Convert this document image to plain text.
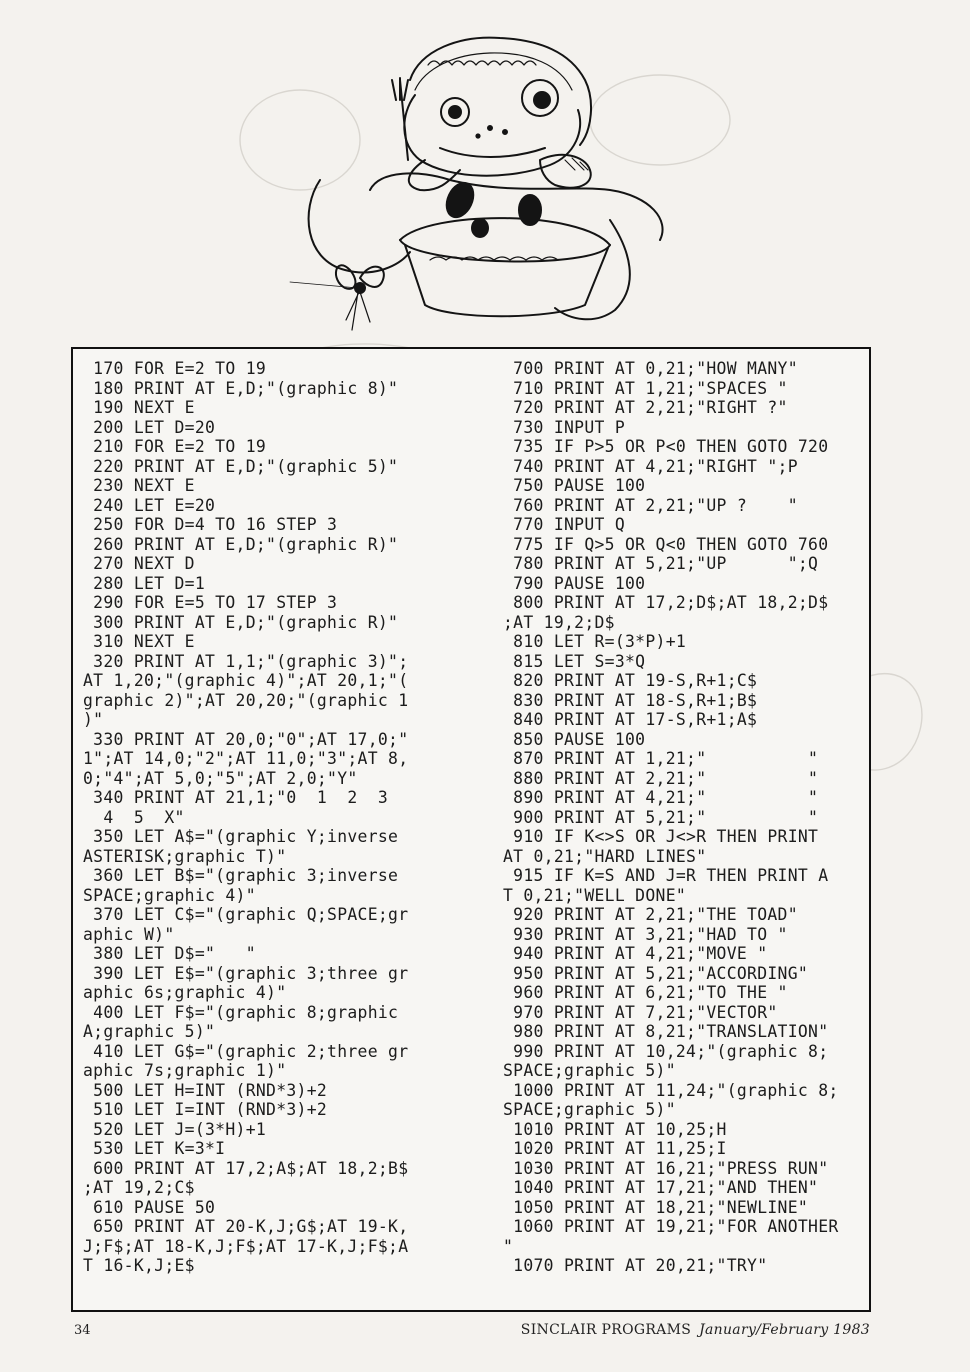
170 FOR E=2 TO 19
180 PRINT AT E,D;"(graphic 8)"
190 NEXT E
200 LET D=20
210 FOR E=2 TO 19
220 PRINT AT E,D;"(graphic 5)"
230 NEXT E
240 LET E=20
250 FOR D=4 TO 16 STEP 3
260 PRINT AT E,D;"(graphic R)"
270 NEXT D
280 LET D=1
290 FOR E=5 TO 17 STEP 3
300 PRINT AT E,D;"(graphic R)"
310 NEXT E
320 PRINT AT 1,1;"(graphic 3)";
AT 1,20;"(graphic 4)";AT 20,1;"(
graphic 2)";AT 20,20;"(graphic 1
)"
330 PRINT AT 20,0;"0";AT 17,0;"
1";AT 14,0;"2";AT 11,0;"3";AT 8,
0;"4";AT 5,0;"5";AT 2,0;"Y"
340 PRINT AT 21,1;"0  1  2  3
4  5  X"
350 LET A$="(graphic Y;inverse
ASTERISK;graphic T)"
360 LET B$="(graphic 3;inverse
SPACE;graphic 4)"
370 LET C$="(graphic Q;SPACE;gr
aphic W)"
380 LET D$="   "
390 LET E$="(graphic 3;three gr
aphic 6s;graphic 4)"
400 LET F$="(graphic 8;graphic
A;graphic 5)"
410 LET G$="(graphic 2;three gr
aphic 7s;graphic 1)"
500 LET H=INT (RND*3)+2
510 LET I=INT (RND*3)+2
520 LET J=(3*H)+1
530 LET K=3*I
600 PRINT AT 17,2;A$;AT 18,2;B$
;AT 19,2;C$
610 PAUSE 50
650 PRINT AT 20-K,J;G$;AT 19-K,
J;F$;AT 18-K,J;F$;AT 17-K,J;F$;A
T 16-K,J;E$
700 PRINT AT 0,21;"HOW MANY"
710 PRINT AT 1,21;"SPACES "
720 PRINT AT 2,21;"RIGHT ?"
730 INPUT P
735 IF P>5 OR P<0 THEN GOTO 720
740 PRINT AT 4,21;"RIGHT ";P
750 PAUSE 100
760 PRINT AT 2,21;"UP ?    "
770 INPUT Q
775 IF Q>5 OR Q<0 THEN GOTO 760
780 PRINT AT 5,21;"UP      ";Q
790 PAUSE 100
800 PRINT AT 17,2;D$;AT 18,2;D$
;AT 19,2;D$
810 LET R=(3*P)+1
815 LET S=3*Q
820 PRINT AT 19-S,R+1;C$
830 PRINT AT 18-S,R+1;B$
840 PRINT AT 17-S,R+1;A$
850 PAUSE 100
870 PRINT AT 1,21;"          "
880 PRINT AT 2,21;"          "
890 PRINT AT 4,21;"          "
900 PRINT AT 5,21;"          "
910 IF K<>S OR J<>R THEN PRINT
AT 0,21;"HARD LINES"
915 IF K=S AND J=R THEN PRINT A
T 0,21;"WELL DONE"
920 PRINT AT 2,21;"THE TOAD"
930 PRINT AT 3,21;"HAD TO "
940 PRINT AT 4,21;"MOVE "
950 PRINT AT 5,21;"ACCORDING"
960 PRINT AT 6,21;"TO THE "
970 PRINT AT 7,21;"VECTOR"
980 PRINT AT 8,21;"TRANSLATION"
990 PRINT AT 10,24;"(graphic 8;
SPACE;graphic 5)"
1000 PRINT AT 11,24;"(graphic 8;
SPACE;graphic 5)"
1010 PRINT AT 10,25;H
1020 PRINT AT 11,25;I
1030 PRINT AT 16,21;"PRESS RUN"
1040 PRINT AT 17,21;"AND THEN"
1050 PRINT AT 18,21;"NEWLINE"
1060 PRINT AT 19,21;"FOR ANOTHER
"
1070 PRINT AT 20,21;"TRY"
34	SINCLAIR PROGRAMS January/February 1983
